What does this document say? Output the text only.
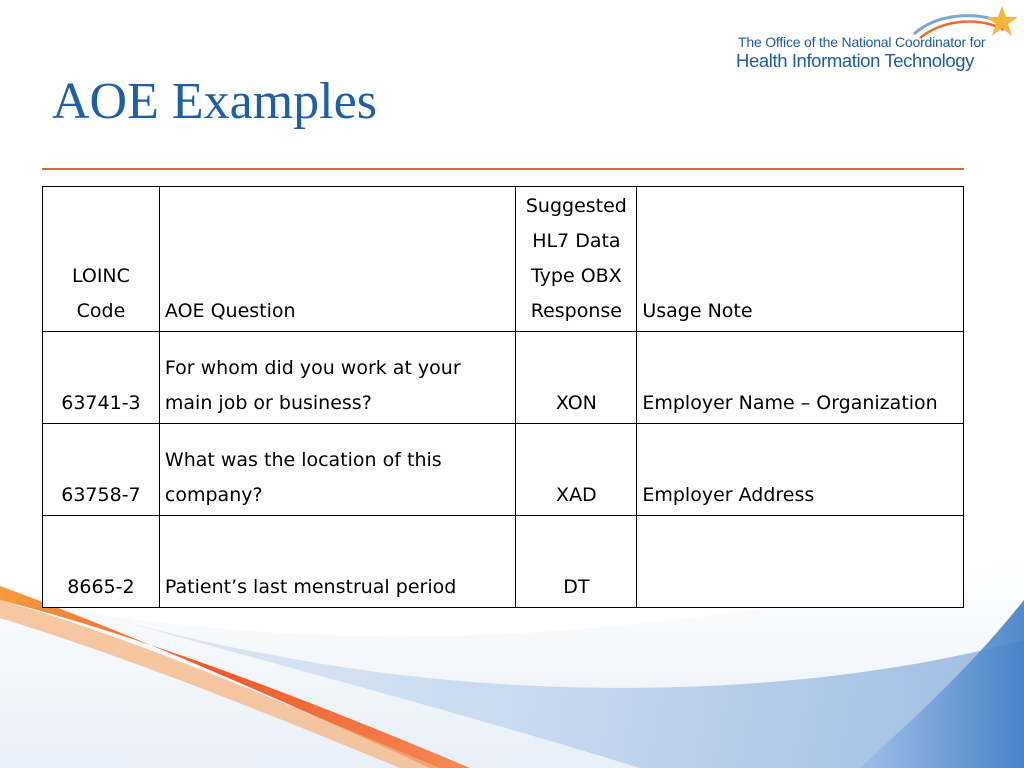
The Office of the National Coordinator for
Health Information Technology
AOE Examples
LOINC Code	AOE Question	Suggested HL7 Data Type OBX Response	Usage Note
63741-3	For whom did you work at your main job or business?	XON	Employer Name – Organization
63758-7	What was the location of this company?	XAD	Employer Address
8665-2	Patient’s last menstrual period	DT	
